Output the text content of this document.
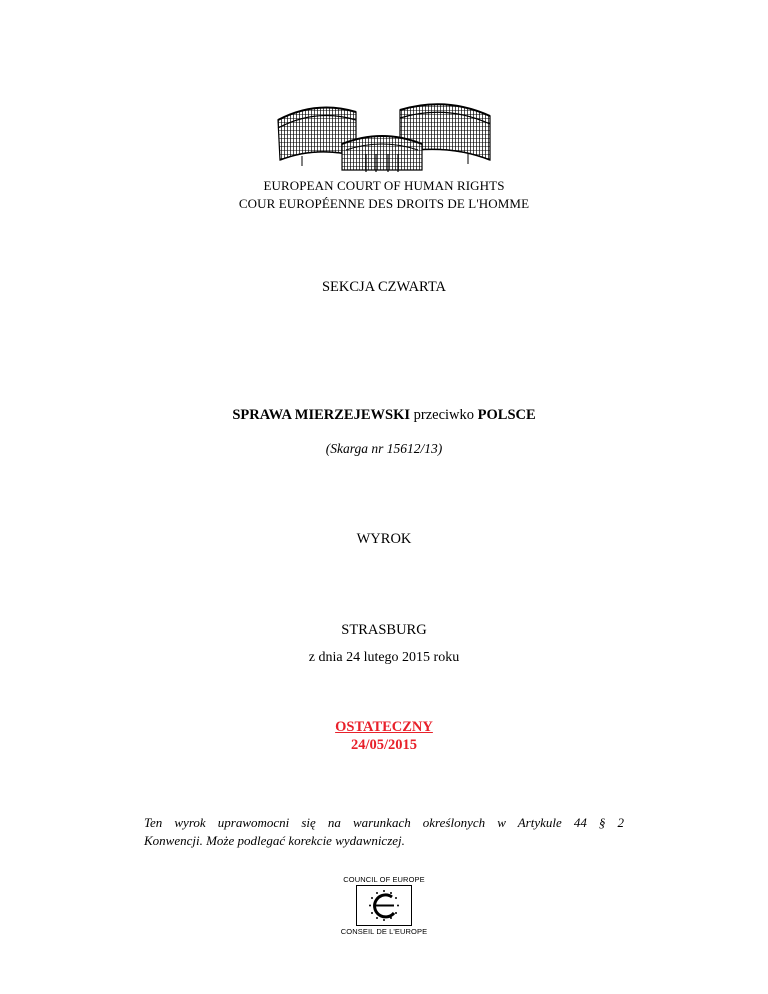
EUROPEAN COURT OF HUMAN RIGHTS
COUR EUROPÉENNE DES DROITS DE L'HOMME
SEKCJA CZWARTA
SPRAWA MIERZEJEWSKI przeciwko POLSCE
(Skarga nr 15612/13)
WYROK
STRASBURG
z dnia 24 lutego 2015 roku
OSTATECZNY
24/05/2015
Ten wyrok uprawomocni się na warunkach określonych w Artykule 44 § 2
Konwencji. Może podlegać korekcie wydawniczej.
COUNCIL OF EUROPE
CONSEIL DE L'EUROPE
